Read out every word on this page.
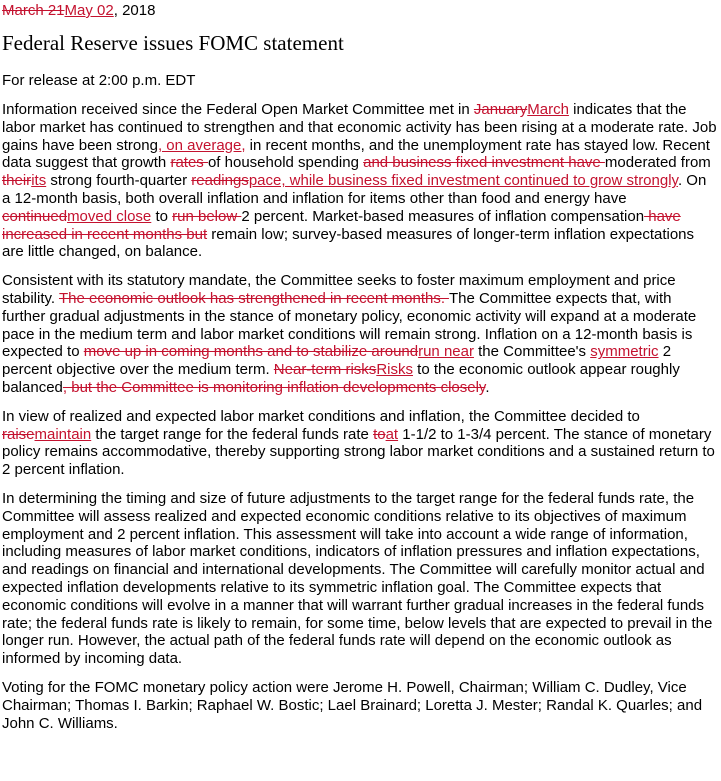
March 21May 02, 2018

Federal Reserve issues FOMC statement

For release at 2:00 p.m. EDT

Information received since the Federal Open Market Committee met in JanuaryMarch indicates that the labor market has continued to strengthen and that economic activity has been rising at a moderate rate. Job gains have been strong, on average, in recent months, and the unemployment rate has stayed low. Recent data suggest that growth rates of household spending and business fixed investment have moderated from theirits strong fourth-quarter readingspace, while business fixed investment continued to grow strongly. On a 12-month basis, both overall inflation and inflation for items other than food and energy have continuedmoved close to run below 2 percent. Market-based measures of inflation compensation have increased in recent months but remain low; survey-based measures of longer-term inflation expectations are little changed, on balance.

Consistent with its statutory mandate, the Committee seeks to foster maximum employment and price stability. The economic outlook has strengthened in recent months. The Committee expects that, with further gradual adjustments in the stance of monetary policy, economic activity will expand at a moderate pace in the medium term and labor market conditions will remain strong. Inflation on a 12-month basis is expected to move up in coming months and to stabilize aroundrun near the Committee's symmetric 2 percent objective over the medium term. Near-term risksRisks to the economic outlook appear roughly balanced, but the Committee is monitoring inflation developments closely.

In view of realized and expected labor market conditions and inflation, the Committee decided to raisemaintain the target range for the federal funds rate toat 1-1/2 to 1-3/4 percent. The stance of monetary policy remains accommodative, thereby supporting strong labor market conditions and a sustained return to 2 percent inflation.

In determining the timing and size of future adjustments to the target range for the federal funds rate, the Committee will assess realized and expected economic conditions relative to its objectives of maximum employment and 2 percent inflation. This assessment will take into account a wide range of information, including measures of labor market conditions, indicators of inflation pressures and inflation expectations, and readings on financial and international developments. The Committee will carefully monitor actual and expected inflation developments relative to its symmetric inflation goal. The Committee expects that economic conditions will evolve in a manner that will warrant further gradual increases in the federal funds rate; the federal funds rate is likely to remain, for some time, below levels that are expected to prevail in the longer run. However, the actual path of the federal funds rate will depend on the economic outlook as informed by incoming data.

Voting for the FOMC monetary policy action were Jerome H. Powell, Chairman; William C. Dudley, Vice Chairman; Thomas I. Barkin; Raphael W. Bostic; Lael Brainard; Loretta J. Mester; Randal K. Quarles; and John C. Williams.
